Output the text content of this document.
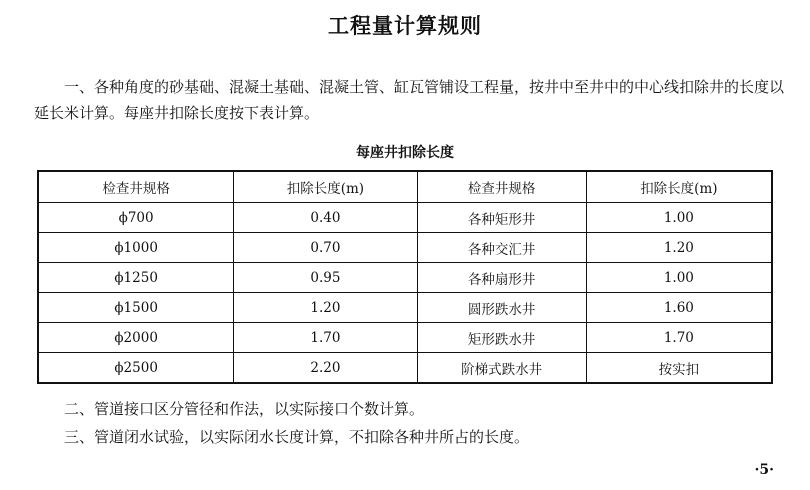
工程量计算规则
一、各种角度的砂基础、混凝土基础、混凝土管、缸瓦管铺设工程量，按井中至井中的中心线扣除井的长度以延长米计算。每座井扣除长度按下表计算。
每座井扣除长度
检查井规格	扣除长度(m)	检查井规格	扣除长度(m)
ϕ700	0.40	各种矩形井	1.00
ϕ1000	0.70	各种交汇井	1.20
ϕ1250	0.95	各种扇形井	1.00
ϕ1500	1.20	圆形跌水井	1.60
ϕ2000	1.70	矩形跌水井	1.70
ϕ2500	2.20	阶梯式跌水井	按实扣
二、管道接口区分管径和作法，以实际接口个数计算。
三、管道闭水试验，以实际闭水长度计算，不扣除各种井所占的长度。
·5·
